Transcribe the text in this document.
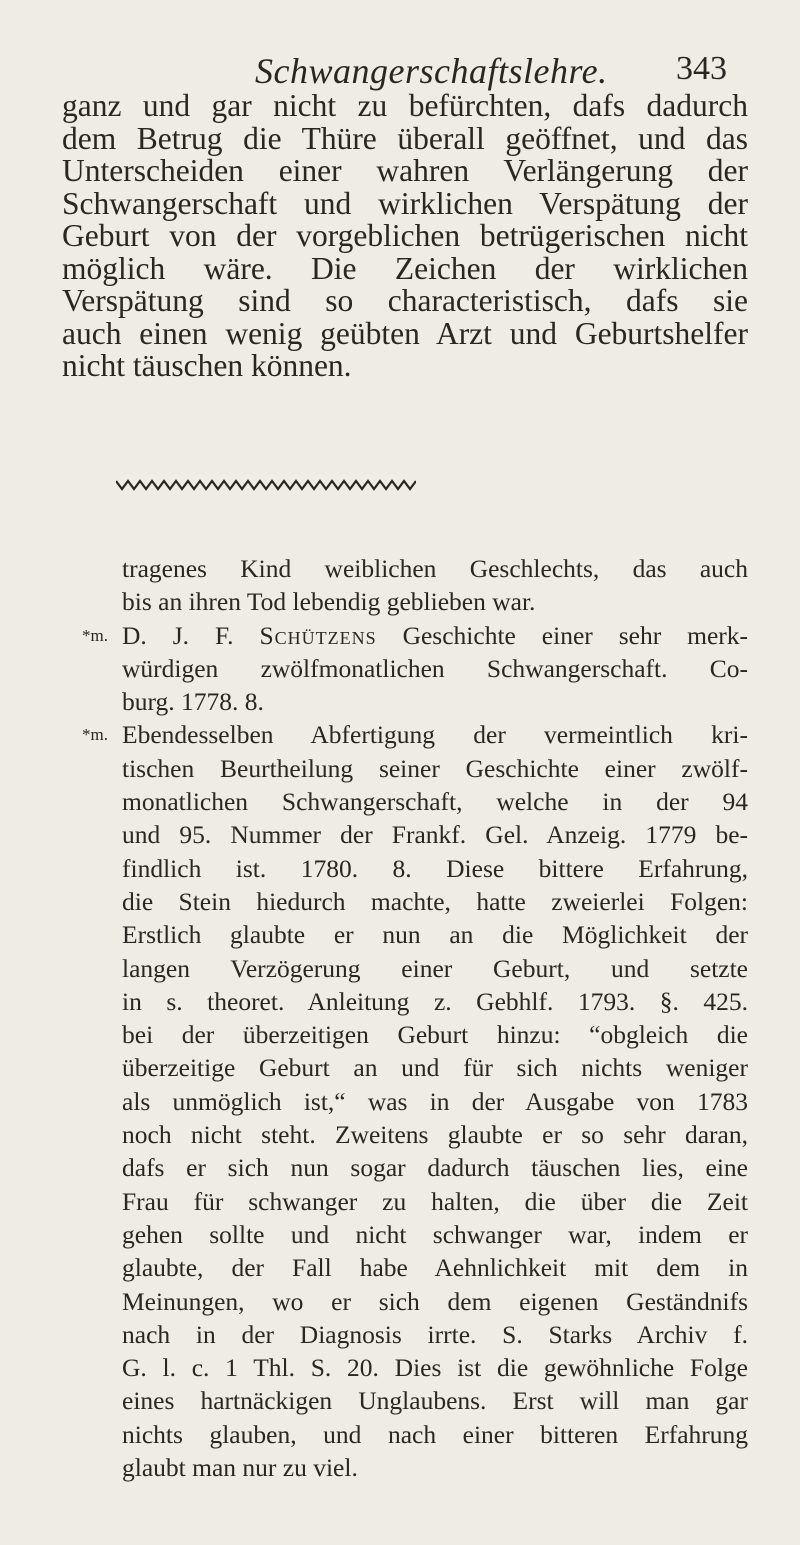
Schwangerschaftslehre. 343
ganz und gar nicht zu befürchten, dafs dadurch
dem Betrug die Thüre überall geöffnet, und das
Unterscheiden einer wahren Verlängerung der
Schwangerschaft und wirklichen Verspätung der
Geburt von der vorgeblichen betrügerischen nicht
möglich wäre. Die Zeichen der wirklichen
Verspätung sind so characteristisch, dafs sie
auch einen wenig geübten Arzt und Geburtshelfer
nicht täuschen können.
tragenes Kind weiblichen Geschlechts, das auch
bis an ihren Tod lebendig geblieben war.
*m. D. J. F. Schützens Geschichte einer sehr merk-
würdigen zwölfmonatlichen Schwangerschaft. Co-
burg. 1778. 8.
*m. Ebendesselben Abfertigung der vermeintlich kri-
tischen Beurtheilung seiner Geschichte einer zwölf-
monatlichen Schwangerschaft, welche in der 94
und 95. Nummer der Frankf. Gel. Anzeig. 1779 be-
findlich ist. 1780. 8. Diese bittere Erfahrung,
die Stein hiedurch machte, hatte zweierlei Folgen:
Erstlich glaubte er nun an die Möglichkeit der
langen Verzögerung einer Geburt, und setzte
in s. theoret. Anleitung z. Gebhlf. 1793. §. 425.
bei der überzeitigen Geburt hinzu: “obgleich die
überzeitige Geburt an und für sich nichts weniger
als unmöglich ist,“ was in der Ausgabe von 1783
noch nicht steht. Zweitens glaubte er so sehr daran,
dafs er sich nun sogar dadurch täuschen lies, eine
Frau für schwanger zu halten, die über die Zeit
gehen sollte und nicht schwanger war, indem er
glaubte, der Fall habe Aehnlichkeit mit dem in
Meinungen, wo er sich dem eigenen Geständnifs
nach in der Diagnosis irrte. S. Starks Archiv f.
G. l. c. 1 Thl. S. 20. Dies ist die gewöhnliche Folge
eines hartnäckigen Unglaubens. Erst will man gar
nichts glauben, und nach einer bitteren Erfahrung
glaubt man nur zu viel.
